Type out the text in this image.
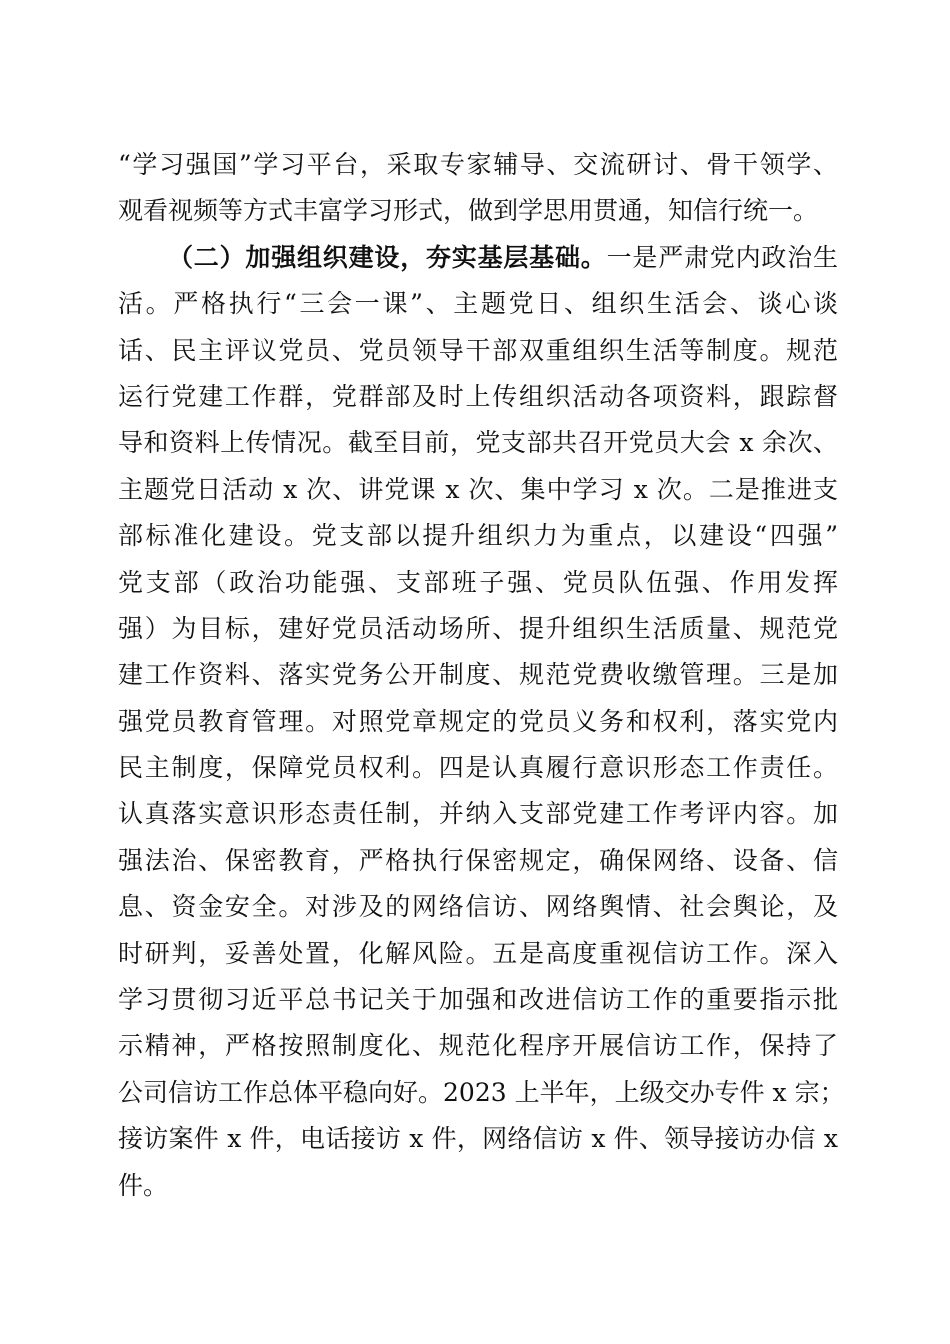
“学习强国”学习平台，采取专家辅导、交流研讨、骨干领学、
观看视频等方式丰富学习形式，做到学思用贯通，知信行统一。
（二）加强组织建设，夯实基层基础。一是严肃党内政治生
活。严格执行“三会一课”、主题党日、组织生活会、谈心谈
话、民主评议党员、党员领导干部双重组织生活等制度。规范
运行党建工作群，党群部及时上传组织活动各项资料，跟踪督
导和资料上传情况。截至目前，党支部共召开党员大会 x 余次、
主题党日活动 x 次、讲党课 x 次、集中学习 x 次。二是推进支
部标准化建设。党支部以提升组织力为重点，以建设“四强”
党支部（政治功能强、支部班子强、党员队伍强、作用发挥
强）为目标，建好党员活动场所、提升组织生活质量、规范党
建工作资料、落实党务公开制度、规范党费收缴管理。三是加
强党员教育管理。对照党章规定的党员义务和权利，落实党内
民主制度，保障党员权利。四是认真履行意识形态工作责任。
认真落实意识形态责任制，并纳入支部党建工作考评内容。加
强法治、保密教育，严格执行保密规定，确保网络、设备、信
息、资金安全。对涉及的网络信访、网络舆情、社会舆论，及
时研判，妥善处置，化解风险。五是高度重视信访工作。深入
学习贯彻习近平总书记关于加强和改进信访工作的重要指示批
示精神，严格按照制度化、规范化程序开展信访工作，保持了
公司信访工作总体平稳向好。2023 上半年，上级交办专件 x 宗；
接访案件 x 件，电话接访 x 件，网络信访 x 件、领导接访办信 x
件。
